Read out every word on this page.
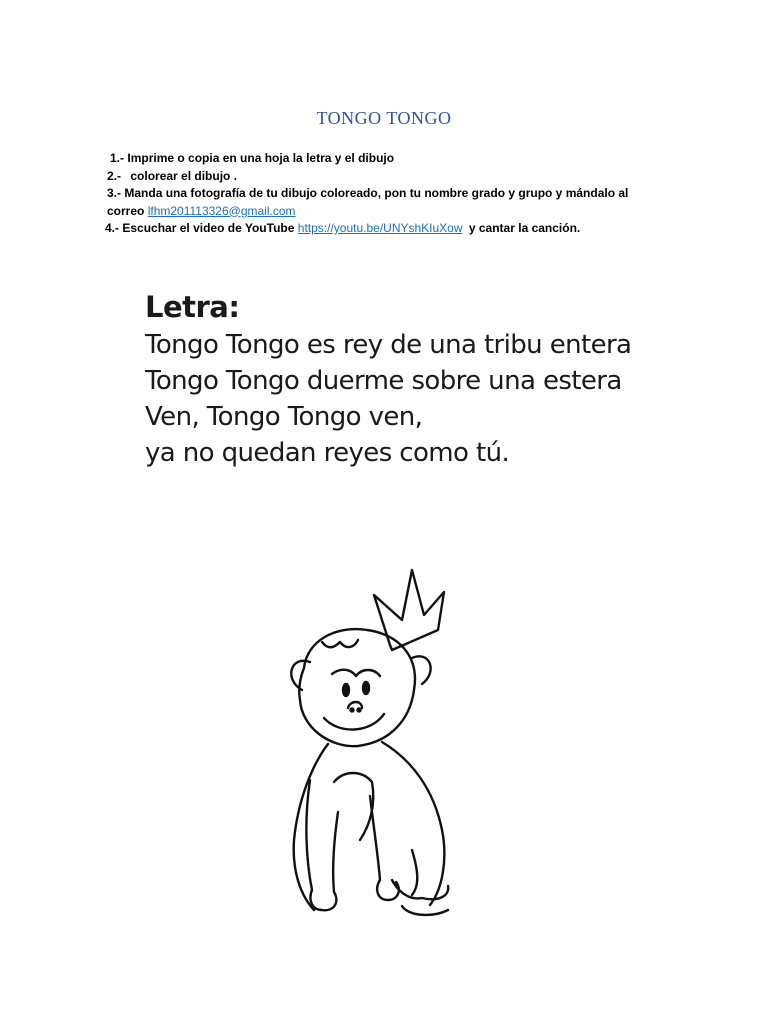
TONGO TONGO
1.- Imprime o copia en una hoja la letra y el dibujo
2.- colorear el dibujo .
3.- Manda una fotografía de tu dibujo coloreado, pon tu nombre grado y grupo y mándalo al
correo lfhm201113326@gmail.com
4.- Escuchar el video de YouTube https://youtu.be/UNYshKIuXow y cantar la canción.
Letra:
Tongo Tongo es rey de una tribu entera
Tongo Tongo duerme sobre una estera
Ven, Tongo Tongo ven,
ya no quedan reyes como tú.
